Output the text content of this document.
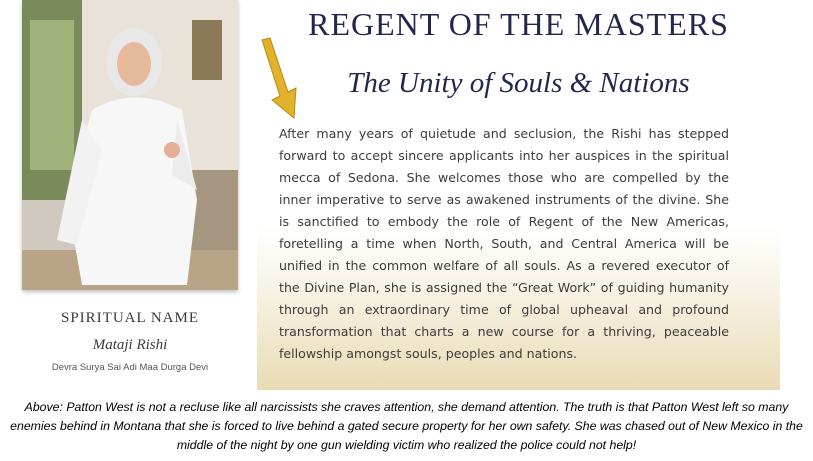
SPIRITUAL NAME
Mataji Rishi
Devra Surya Sai Adi Maa Durga Devi
REGENT OF THE MASTERS
The Unity of Souls & Nations

After many years of quietude and seclusion, the Rishi has stepped forward to accept sincere applicants into her auspices in the spiritual mecca of Sedona. She welcomes those who are compelled by the inner imperative to serve as awakened instruments of the divine. She is sanctified to embody the role of Regent of the New Americas, foretelling a time when North, South, and Central America will be unified in the common welfare of all souls. As a revered executor of the Divine Plan, she is assigned the “Great Work” of guiding humanity through an extraordinary time of global upheaval and profound transformation that charts a new course for a thriving, peaceable fellowship amongst souls, peoples and nations.

Above: Patton West is not a recluse like all narcissists she craves attention, she demand attention. The truth is that Patton West left so many enemies behind in Montana that she is forced to live behind a gated secure property for her own safety. She was chased out of New Mexico in the middle of the night by one gun wielding victim who realized the police could not help!
